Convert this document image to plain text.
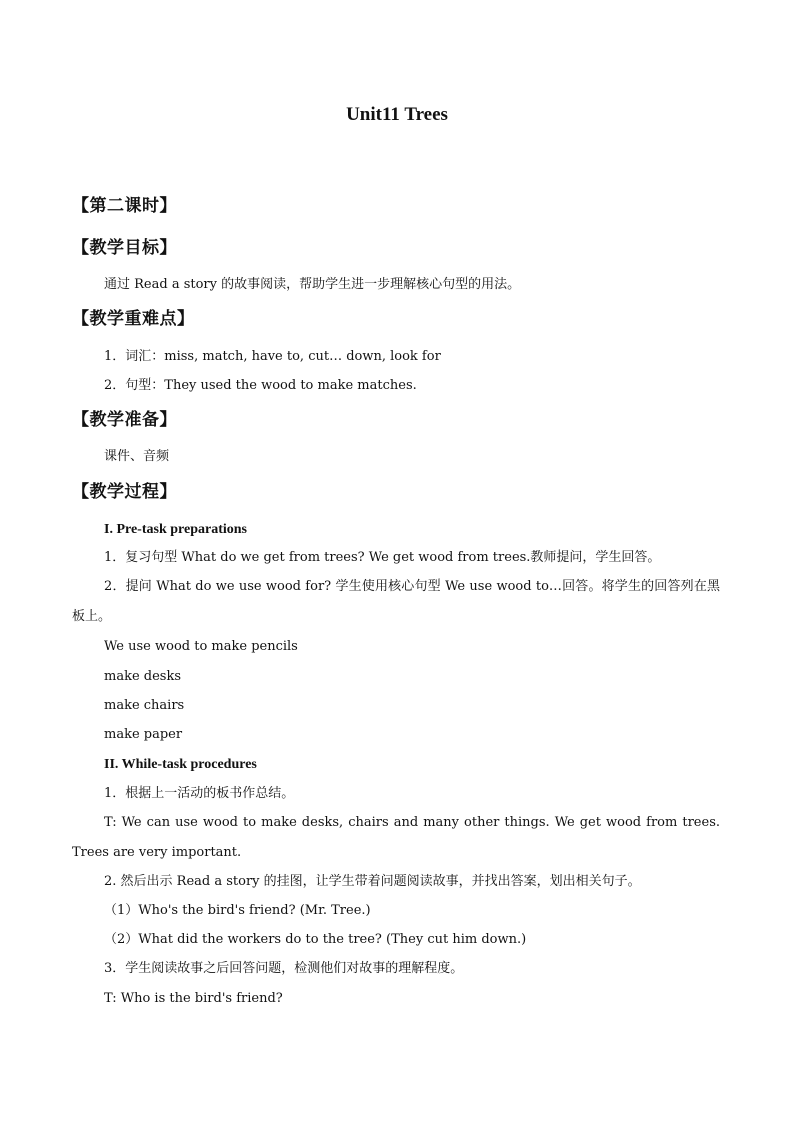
Unit11 Trees
【第二课时】
【教学目标】
通过 Read a story 的故事阅读，帮助学生进一步理解核心句型的用法。
【教学重难点】
1．词汇：miss, match, have to, cut… down, look for
2．句型：They used the wood to make matches.
【教学准备】
课件、音频
【教学过程】
I. Pre-task preparations
1．复习句型 What do we get from trees? We get wood from trees.教师提问，学生回答。
2．提问 What do we use wood for? 学生使用核心句型 We use wood to…回答。将学生的回答列在黑板上。
We use wood to make pencils
make desks
make chairs
make paper
II. While-task procedures
1．根据上一活动的板书作总结。
T: We can use wood to make desks, chairs and many other things. We get wood from trees. Trees are very important.
2. 然后出示 Read a story 的挂图，让学生带着问题阅读故事，并找出答案，划出相关句子。
（1）Who's the bird's friend? (Mr. Tree.)
（2）What did the workers do to the tree? (They cut him down.)
3．学生阅读故事之后回答问题，检测他们对故事的理解程度。
T: Who is the bird's friend?
